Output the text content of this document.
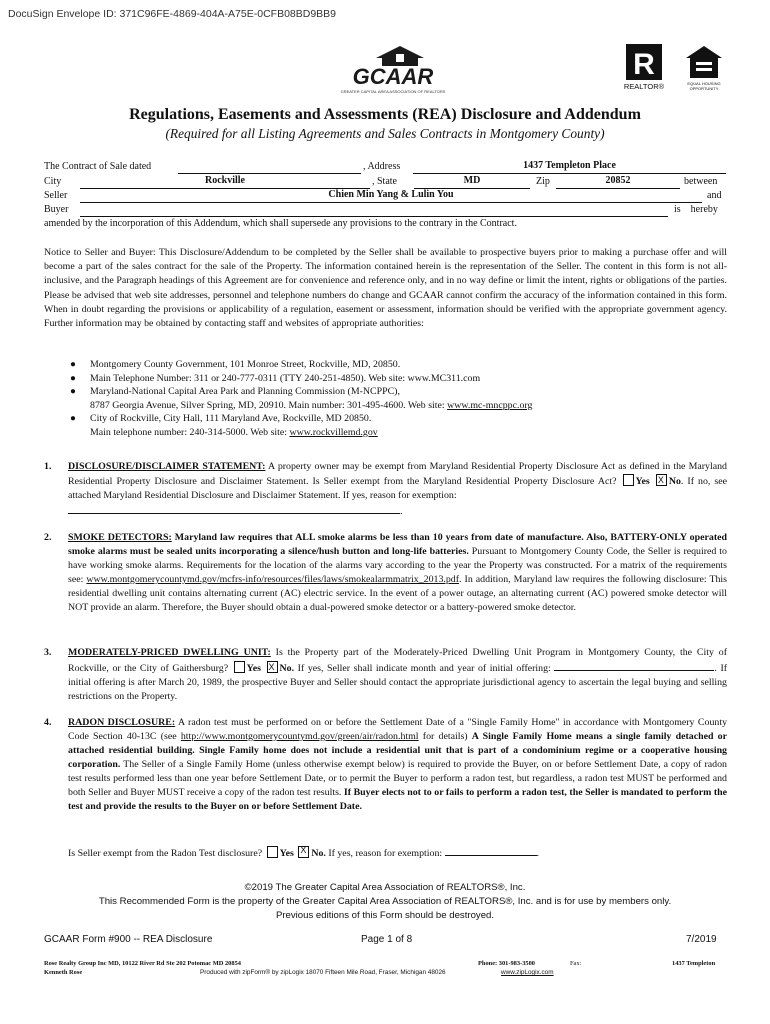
DocuSign Envelope ID: 371C96FE-4869-404A-A75E-0CFB08BD9BB9
GCAAR
GREATER CAPITAL AREA ASSOCIATION OF REALTORS
R
REALTOR®	EQUAL HOUSING
OPPORTUNITY
Regulations, Easements and Assessments (REA) Disclosure and Addendum
(Required for all Listing Agreements and Sales Contracts in Montgomery County)
The Contract of Sale dated	, Address	1437 Templeton Place
City	Rockville	, State	MD	Zip	20852	between
Seller	Chien Min Yang & Lulin You	and
Buyer	is    hereby
amended by the incorporation of this Addendum, which shall supersede any provisions to the contrary in the Contract.

Notice to Seller and Buyer: This Disclosure/Addendum to be completed by the Seller shall be available to prospective buyers prior to making a purchase offer and will become a part of the sales contract for the sale of the Property. The information contained herein is the representation of the Seller. The content in this form is not all-inclusive, and the Paragraph headings of this Agreement are for convenience and reference only, and in no way define or limit the intent, rights or obligations of the parties. Please be advised that web site addresses, personnel and telephone numbers do change and GCAAR cannot confirm the accuracy of the information contained in this form. When in doubt regarding the provisions or applicability of a regulation, easement or assessment, information should be verified with the appropriate government agency. Further information may be obtained by contacting staff and websites of appropriate authorities:

● Montgomery County Government, 101 Monroe Street, Rockville, MD, 20850.
● Main Telephone Number: 311 or 240-777-0311 (TTY 240-251-4850). Web site: www.MC311.com
● Maryland-National Capital Area Park and Planning Commission (M-NCPPC),
8787 Georgia Avenue, Silver Spring, MD, 20910. Main number: 301-495-4600. Web site: www.mc-mncppc.org
● City of Rockville, City Hall, 111 Maryland Ave, Rockville, MD 20850.
Main telephone number: 240-314-5000. Web site: www.rockvillemd.gov
1. DISCLOSURE/DISCLAIMER STATEMENT: A property owner may be exempt from Maryland Residential Property Disclosure Act as defined in the Maryland Residential Property Disclosure and Disclaimer Statement. Is Seller exempt from the Maryland Residential Property Disclosure Act? Yes X No. If no, see attached Maryland Residential Disclosure and Disclaimer Statement. If yes, reason for exemption:
.
2. SMOKE DETECTORS: Maryland law requires that ALL smoke alarms be less than 10 years from date of manufacture. Also, BATTERY-ONLY operated smoke alarms must be sealed units incorporating a silence/hush button and long-life batteries. Pursuant to Montgomery County Code, the Seller is required to have working smoke alarms. Requirements for the location of the alarms vary according to the year the Property was constructed. For a matrix of the requirements see: www.montgomerycountymd.gov/mcfrs-info/resources/files/laws/smokealarmmatrix_2013.pdf. In addition, Maryland law requires the following disclosure: This residential dwelling unit contains alternating current (AC) electric service. In the event of a power outage, an alternating current (AC) powered smoke detector will NOT provide an alarm. Therefore, the Buyer should obtain a dual-powered smoke detector or a battery-powered smoke detector.
3. MODERATELY-PRICED DWELLING UNIT: Is the Property part of the Moderately-Priced Dwelling Unit Program in Montgomery County, the City of Rockville, or the City of Gaithersburg? Yes X No. If yes, Seller shall indicate month and year of initial offering:	. If initial offering is after March 20, 1989, the prospective Buyer and Seller should contact the appropriate jurisdictional agency to ascertain the legal buying and selling restrictions on the Property.
4. RADON DISCLOSURE: A radon test must be performed on or before the Settlement Date of a "Single Family Home" in accordance with Montgomery County Code Section 40-13C (see http://www.montgomerycountymd.gov/green/air/radon.html for details) A Single Family Home means a single family detached or attached residential building. Single Family home does not include a residential unit that is part of a condominium regime or a cooperative housing corporation. The Seller of a Single Family Home (unless otherwise exempt below) is required to provide the Buyer, on or before Settlement Date, a copy of radon test results performed less than one year before Settlement Date, or to permit the Buyer to perform a radon test, but regardless, a radon test MUST be performed and both Seller and Buyer MUST receive a copy of the radon test results. If Buyer elects not to or fails to perform a radon test, the Seller is mandated to perform the test and provide the results to the Buyer on or before Settlement Date.
Is Seller exempt from the Radon Test disclosure? Yes X No. If yes, reason for exemption:	.
©2019 The Greater Capital Area Association of REALTORS®, Inc.
This Recommended Form is the property of the Greater Capital Area Association of REALTORS®, Inc. and is for use by members only.
Previous editions of this Form should be destroyed.
GCAAR Form #900 -- REA Disclosure	Page 1 of 8	7/2019
Rose Realty Group Inc MD, 10122 River Rd Ste 202 Potomac MD 20854	Phone: 301-983-3500	Fax:	1437 Templeton
Kenneth Rose	Produced with zipForm® by zipLogix 18070 Fifteen Mile Road, Fraser, Michigan 48026	www.zipLogix.com
